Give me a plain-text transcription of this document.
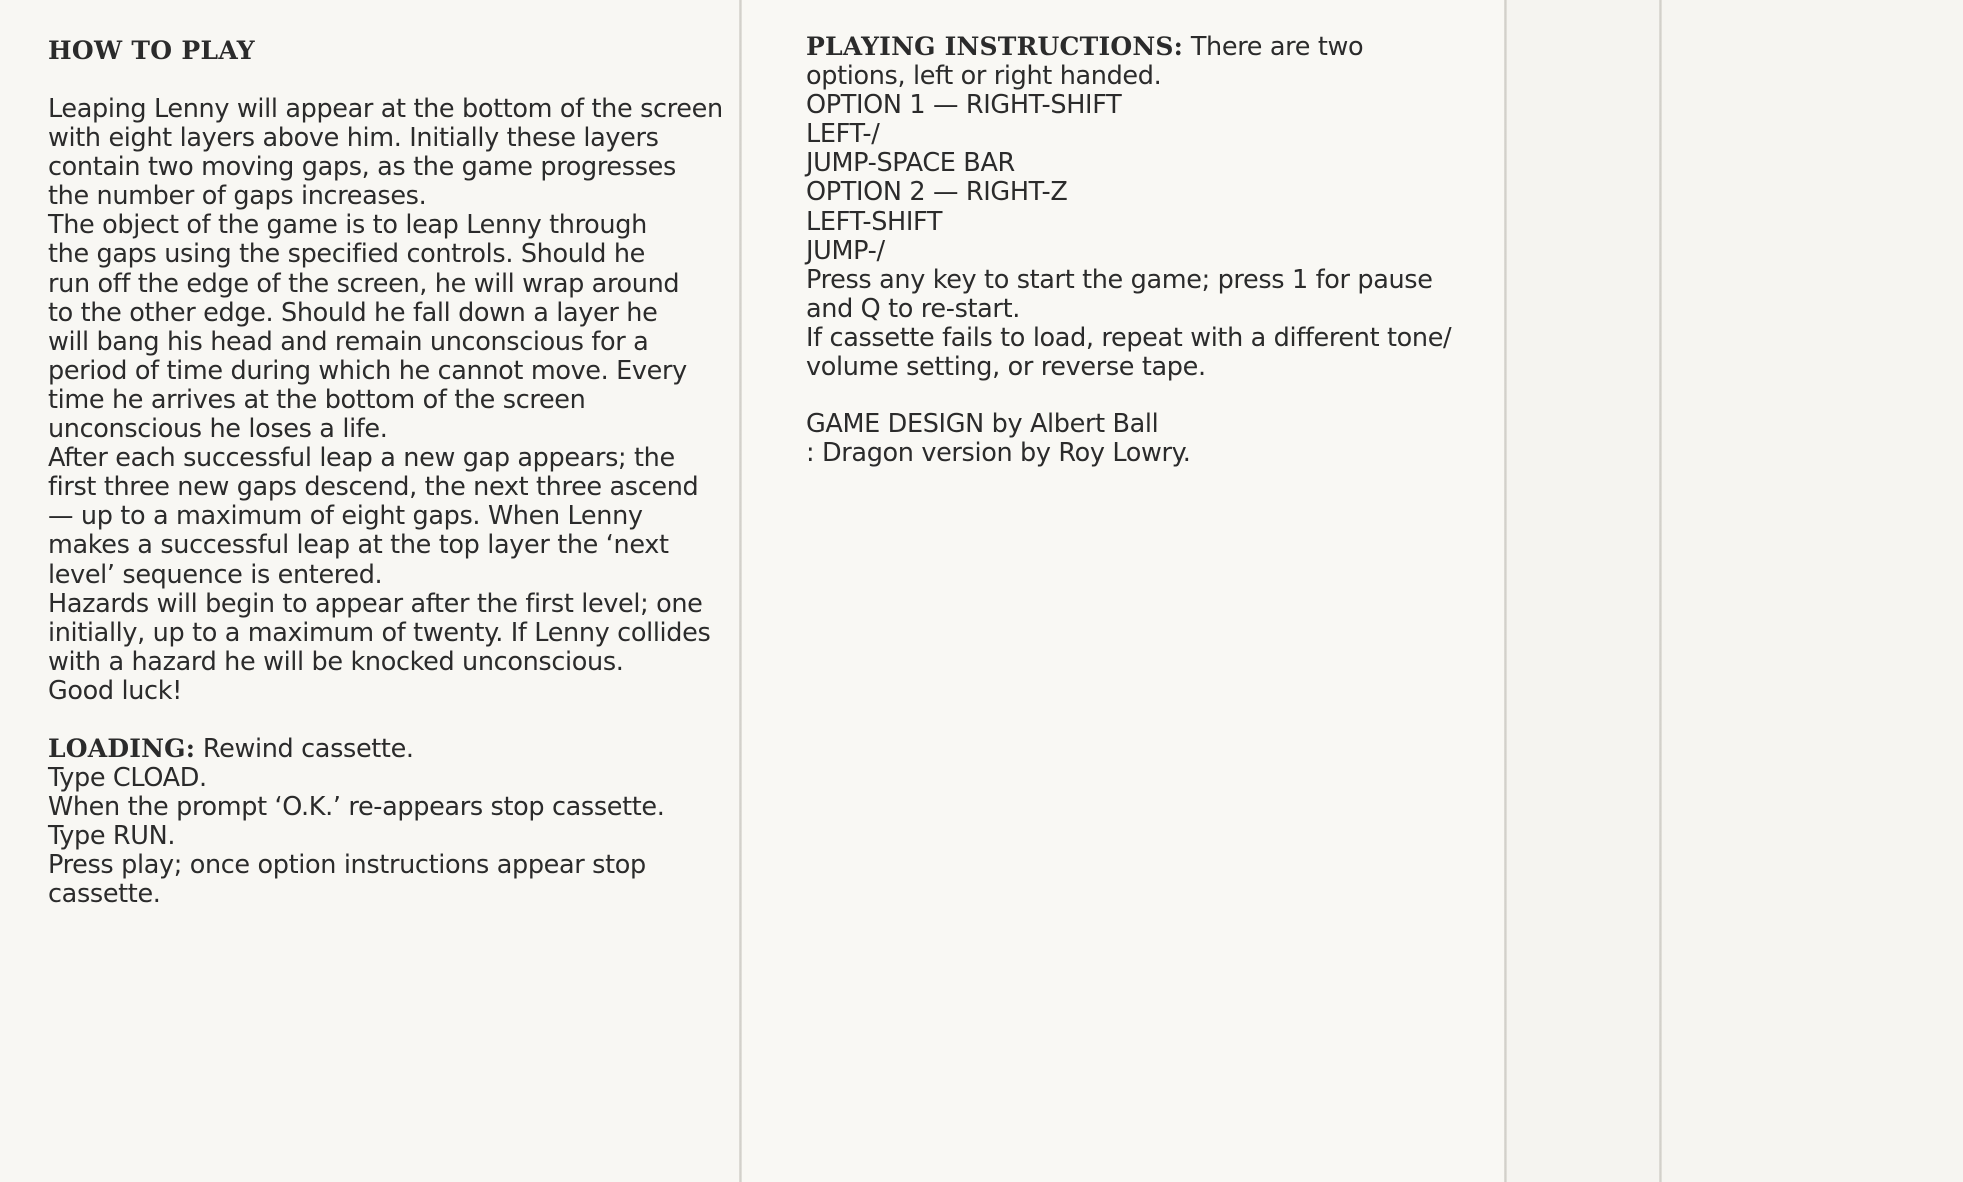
HOW TO PLAY
Leaping Lenny will appear at the bottom of the screen
with eight layers above him. Initially these layers
contain two moving gaps, as the game progresses
the number of gaps increases.
The object of the game is to leap Lenny through
the gaps using the specified controls. Should he
run off the edge of the screen, he will wrap around
to the other edge. Should he fall down a layer he
will bang his head and remain unconscious for a
period of time during which he cannot move. Every
time he arrives at the bottom of the screen
unconscious he loses a life.
After each successful leap a new gap appears; the
first three new gaps descend, the next three ascend
— up to a maximum of eight gaps. When Lenny
makes a successful leap at the top layer the ‘next
level’ sequence is entered.
Hazards will begin to appear after the first level; one
initially, up to a maximum of twenty. If Lenny collides
with a hazard he will be knocked unconscious.
Good luck!
LOADING: Rewind cassette.
Type CLOAD.
When the prompt ‘O.K.’ re-appears stop cassette.
Type RUN.
Press play; once option instructions appear stop
cassette.
PLAYING INSTRUCTIONS: There are two
options, left or right handed.
OPTION 1 — RIGHT-SHIFT
LEFT-/
JUMP-SPACE BAR
OPTION 2 — RIGHT-Z
LEFT-SHIFT
JUMP-/
Press any key to start the game; press 1 for pause
and Q to re-start.
If cassette fails to load, repeat with a different tone/
volume setting, or reverse tape.
GAME DESIGN by Albert Ball
: Dragon version by Roy Lowry.
